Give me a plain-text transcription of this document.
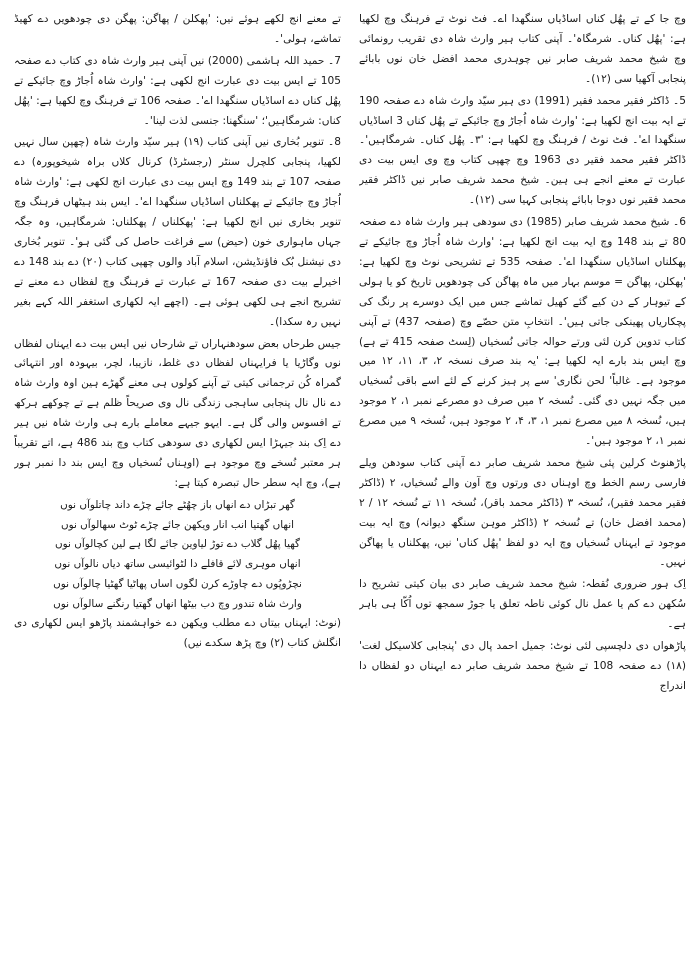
وچ جا کے تے پھُل کناں اساڈیاں سنگھدا اے۔ فٹ نوٹ تے فرہنگ وچ لکھیا ہے: 'پھُل کناں۔ شرمگاہ'۔ آپنی کتاب ہیر وارث شاہ دی تقریب رونمائی وچ شیخ محمد شریف صابر نیں چوہدری محمد افضل خان نوں بابائے پنجابی آکھیا سی (۱۲)۔

5۔ ڈاکٹر فقیر محمد فقیر (1991) دی ہیر سیّد وارث شاہ دے صفحہ 190 تے ایہ بیت انج لکھیا ہے: 'وارث شاہ اُجاڑ وچ جائیکے تے پھُل کناں 3 اساڈیاں سنگھدا اے'۔ فٹ نوٹ / فرہنگ وچ لکھیا ہے: '۳۔ پھُل کناں۔ شرمگاہیں'۔ ڈاکٹر فقیر محمد فقیر دی 1963 وچ چھپی کتاب وچ وی ایس بیت دی عبارت تے معنے انجے ہی ہین۔ شیخ محمد شریف صابر نیں ڈاکٹر فقیر محمد فقیر نوں دوجا بابائے پنجابی کہیا سی (۱۲)۔

6۔ شیخ محمد شریف صابر (1985) دی سودھی ہیر وارث شاہ دے صفحہ 80 تے بند 148 وچ ایہ بیت انج لکھیا ہے: 'وارث شاہ اُجاڑ وچ جائیکے تے پھکلناں اساڈیاں سنگھدا اے'۔ صفحہ 535 تے تشریحی نوٹ وچ لکھیا ہے: 'پھکلن، پھاگن = موسم بہار میں ماہ پھاگن کی چودھویں تاریخ کو یا ہولی کے تیوہار کے دن کیے گئے کھیل تماشے جس میں ایک دوسرے پر رنگ کی پچکاریاں پھینکی جاتی ہیں'۔ انتخابِ متن حصّے وچ (صفحہ 437) تے آپنی کتاب تدوین کرن لئی ورتے حوالہ جاتی نُسخیاں (لِسٹ صفحہ 415 تے ہے) وچ ایس بند بارے ایہ لکھیا ہے: 'یہ بند صرف نسخہ ۲، ۳، ۱۱، ۱۲ میں موجود ہے۔ غالباً' لحن نگاری' سے پر ہیز کرنے کے لئے اسے باقی نُسخیاں میں جگہ نہیں دی گئی۔ نُسخہ ۲ میں صرف دو مصرعے نمبر ۱، ۲ موجود ہیں، نُسخہ ۸ میں مصرع نمبر ۱، ۳، ۴، ۲ موجود ہیں، نُسخہ ۹ میں مصرع نمبر ۱، ۲ موجود ہیں'۔

پاڑھنوٹ کرلین پئی شیخ محمد شریف صابر دے آپنی کتاب سودھن ویلے فارسی رسم الخط وچ اوہناں دی ورتوں وچ آون والے نُسخیاں، ۲ (ڈاکٹر فقیر محمد فقیر)، نُسخہ ۳ (ڈاکٹر محمد باقر)، نُسخہ ۱۱ تے نُسخہ ۱۲ / ۲ (محمد افضل خان) تے نُسخہ ۲ (ڈاکٹر موہن سنگھ دیوانہ) وچ ایہ بیت موجود تے ایہناں نُسخیاں وچ ایہ دو لفظ 'پھُل کناں' نیں، پھکلناں یا پھاگن نہیں۔

اِک ہور ضروری نُقطہ: شیخ محمد شریف صابر دی بیان کیتی تشریح دا سُکھن دے کم یا عمل نال کوئی ناطہ تعلق یا جوڑ سمجھ توں اُکّا ہی باہر ہے۔

پاڑھواں دی دلچسپی لئی نوٹ: جمیل احمد پال دی 'پنجابی کلاسیکل لغت' (۱۸) دے صفحہ 108 تے شیخ محمد شریف صابر دے ایہناں دو لفظاں دا اندراج

تے معنے انج لکھے ہوئے نیں: 'پھکلن / پھاگن: پھگن دی چودھویں دے کھیڈ تماشے، ہولی'۔

7۔ حمید اللہ ہاشمی (2000) نیں آپنی ہیر وارث شاہ دی کتاب دے صفحہ 105 تے ایس بیت دی عبارت انج لکھی ہے: 'وارث شاہ اُجاڑ وچ جائیکے تے پھُل کناں دے اساڈیاں سنگھدا اے'۔ صفحہ 106 تے فرہنگ وچ لکھیا ہے: 'پھُل کناں: شرمگاہیں'؛ 'سنگھنا: جنسی لذت لینا'۔

8۔ تنویر بُخاری نیں آپنی کتاب (۱۹) ہیر سیّد وارث شاہ (چھپن سال نہیں لکھیا، پنجابی کلچرل سنٹر (رجسٹرڈ) کرنال کلاں براہ شیخوپورہ) دے صفحہ 107 تے بند 149 وچ ایس بیت دی عبارت انج لکھی ہے: 'وارث شاہ اُجاڑ وچ جائیکے تے پھکلناں اساڈیاں سنگھدا اے'۔ ایس بند ہیٹھاں فرہنگ وچ تنویر بخاری نیں انج لکھیا ہے: 'پھکلناں / پھکلناں: شرمگاہیں، وہ جگہ جہاں ماہواری خون (حیض) سے فراغت حاصل کی گئی ہو'۔ تنویر بُخاری دی نیشنل بُک فاؤنڈیشن، اسلام آباد والوں چھپی کتاب (۲۰) دے بند 148 دے اخیرلے بیت دی صفحہ 167 تے عبارت تے فرہنگ وچ لفظاں دے معنے تے تشریح انجے ہی لکھی ہوئی ہے۔ (اچھے ایہ لکھاری استغفر اللہ کہے بغیر نہیں رہ سکدا)۔

جیس طرحاں بعض سودھنہاراں تے شارحاں نیں ایس بیت دے ایہناں لفظاں نوں وگاڑیا یا فرایہناں لفظاں دی غلط، نازیبا، لچر، بیہودہ اور انتہائی گمراہ کُن ترجمانی کیتی تے آپنے کولوں ہی معنے گھڑے ہین اوہ وارث شاہ دے نال نال پنجابی ساہجی زندگی نال وی صریحاً ظلم ہے تے چوکھے ہرکھ تے افسوس والی گل ہے۔ ایہو جیہے معاملے بارے ہی وارث شاہ نیں ہیر دے اِک بند جیہڑا ایس لکھاری دی سودھی کتاب وچ بند 486 ہے، اتے تقریباً ہر معتبر نُسخے وچ موجود ہے (اوہناں نُسخیاں وچ ایس بند دا نمبر ہور ہے)، وچ ایہ سطر حال تبصرہ کیتا ہے:

گھر تبڑاں دے انھاں باز چھُٹے جائے چڑے داند چاتلوآں نوں

انھاں گھتیا انب انار ویکھن جائے چڑے ٹوٹ سھالوآں نوں

گھیا پھُل گلاب دے توڑ لیاوین جائے لگا ہے لین کچالوآں نوں

انھاں موہری لائے قافلے دا لٹوائیسی ساتھ دیاں نالوآں نوں

نچڑوپُوں دے چاوڑے کرن لگوں اساں پھاٹیا گھٹیا چالوآں نوں

وارث شاہ تندور وچ دب بیٹھا انھاں گھتیا رنگنے سالوآں نوں

(نوٹ: ایہناں بیتاں دے مطلب ویکھن دے خواہشمند پاڑھو ایس لکھاری دی انگلش کتاب (۲) وچ پڑھ سکدے نیں)
